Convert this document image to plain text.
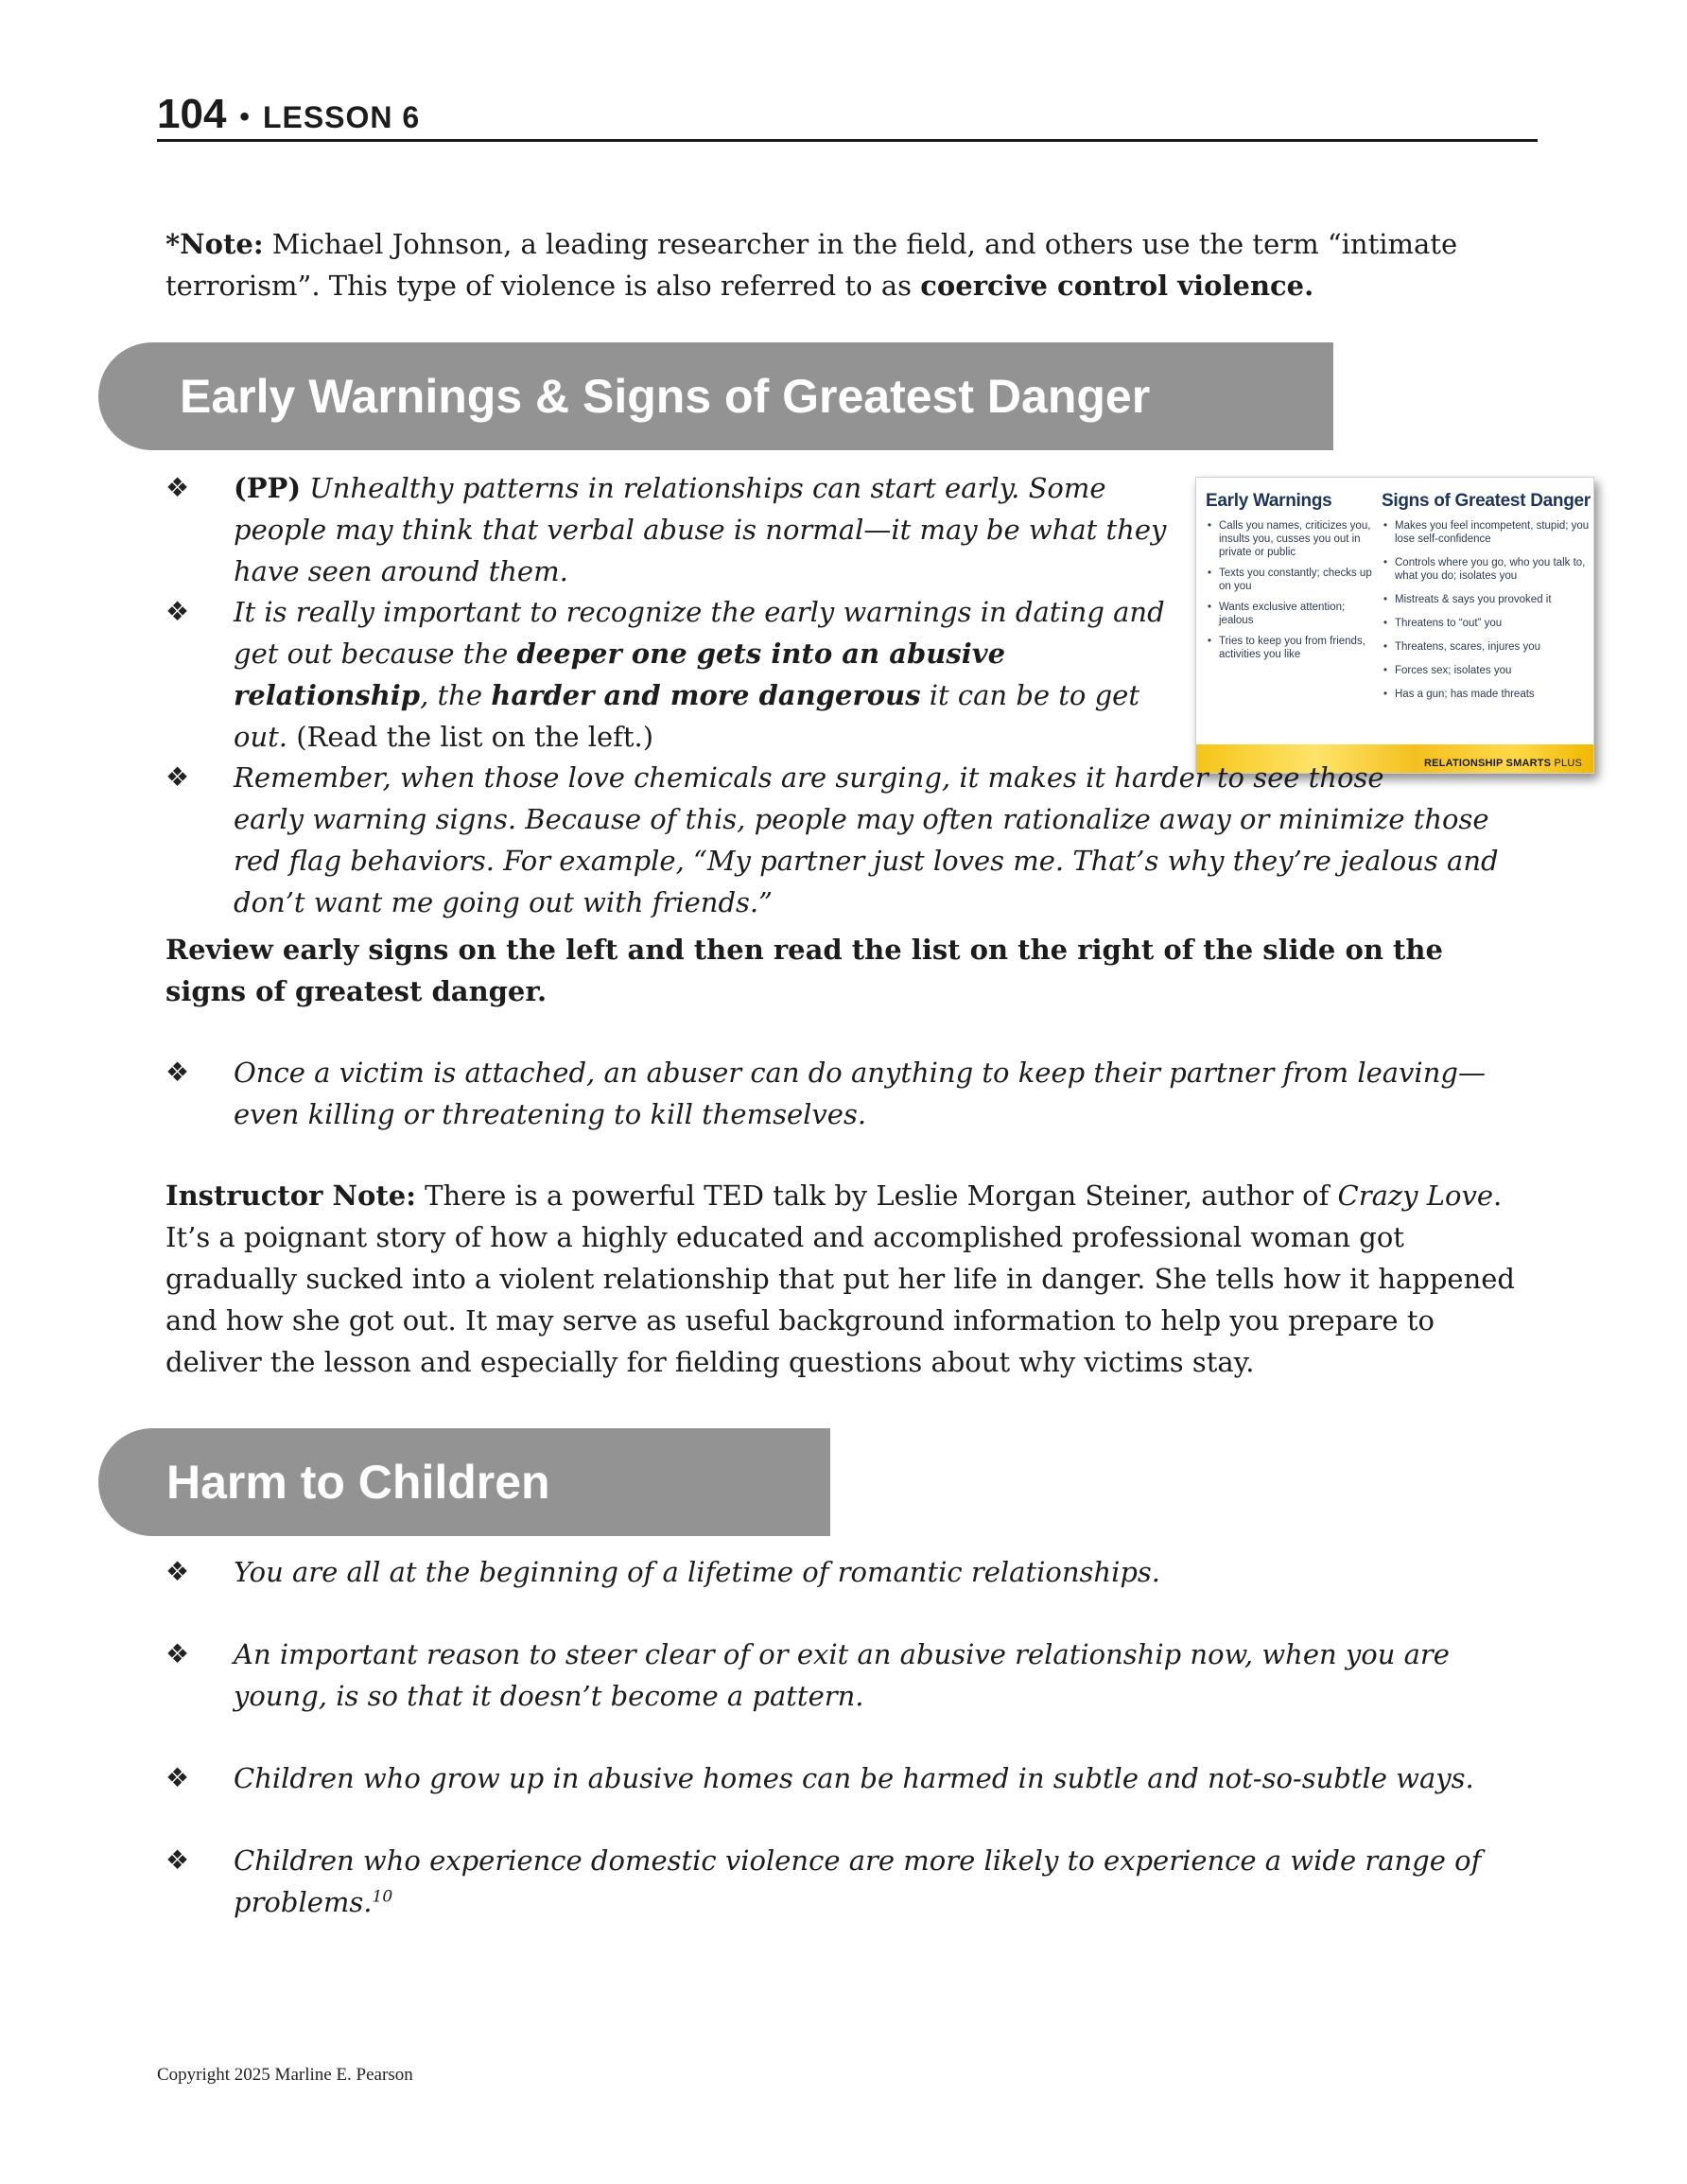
104 • LESSON 6
*Note: Michael Johnson, a leading researcher in the field, and others use the term “intimate terrorism”. This type of violence is also referred to as coercive control violence.
Early Warnings & Signs of Greatest Danger
❖ (PP) Unhealthy patterns in relationships can start early. Some people may think that verbal abuse is normal—it may be what they have seen around them.
❖ It is really important to recognize the early warnings in dating and get out because the deeper one gets into an abusive relationship, the harder and more dangerous it can be to get out. (Read the list on the left.)
Early Warnings
• Calls you names, criticizes you, insults you, cusses you out in private or public
• Texts you constantly; checks up on you
• Wants exclusive attention; jealous
• Tries to keep you from friends, activities you like
Signs of Greatest Danger
• Makes you feel incompetent, stupid; you lose self-confidence
• Controls where you go, who you talk to, what you do; isolates you
• Mistreats & says you provoked it
• Threatens to “out” you
• Threatens, scares, injures you
• Forces sex; isolates you
• Has a gun; has made threats
RELATIONSHIP SMARTS PLUS
❖ Remember, when those love chemicals are surging, it makes it harder to see those
early warning signs. Because of this, people may often rationalize away or minimize those red flag behaviors. For example, “My partner just loves me. That’s why they’re jealous and don’t want me going out with friends.”
Review early signs on the left and then read the list on the right of the slide on the signs of greatest danger.
❖ Once a victim is attached, an abuser can do anything to keep their partner from leaving— even killing or threatening to kill themselves.
Instructor Note: There is a powerful TED talk by Leslie Morgan Steiner, author of Crazy Love. It’s a poignant story of how a highly educated and accomplished professional woman got gradually sucked into a violent relationship that put her life in danger. She tells how it happened and how she got out. It may serve as useful background information to help you prepare to deliver the lesson and especially for fielding questions about why victims stay.
Harm to Children
❖ You are all at the beginning of a lifetime of romantic relationships.
❖ An important reason to steer clear of or exit an abusive relationship now, when you are young, is so that it doesn’t become a pattern.
❖ Children who grow up in abusive homes can be harmed in subtle and not-so-subtle ways.
❖ Children who experience domestic violence are more likely to experience a wide range of problems.$^{10}$
Copyright 2025 Marline E. Pearson
